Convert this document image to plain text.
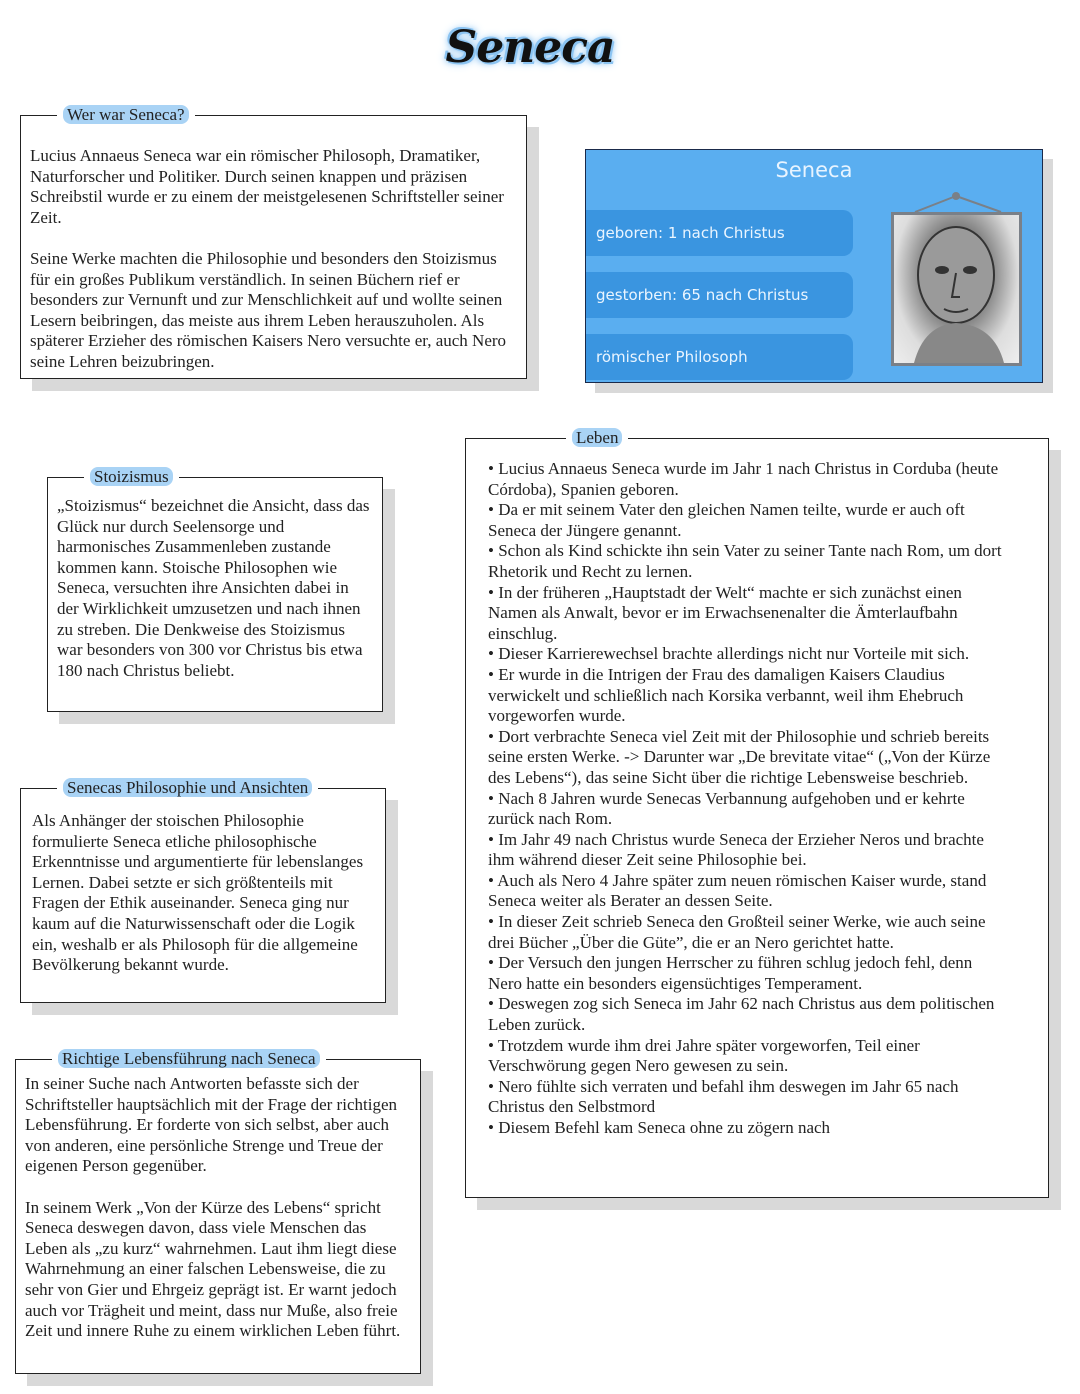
Seneca
Wer war Seneca?

Lucius Annaeus Seneca war ein römischer Philosoph, Dramatiker, Naturforscher und Politiker. Durch seinen knappen und präzisen Schreibstil wurde er zu einem der meistgelesenen Schriftsteller seiner Zeit.

Seine Werke machten die Philosophie und besonders den Stoizismus für ein großes Publikum verständlich. In seinen Büchern rief er besonders zur Vernunft und zur Menschlichkeit auf und wollte seinen Lesern beibringen, das meiste aus ihrem Leben herauszuholen. Als späterer Erzieher des römischen Kaisers Nero versuchte er, auch Nero seine Lehren beizubringen.

Seneca
geboren: 1 nach Christus
gestorben: 65 nach Christus
römischer Philosoph
Stoizismus

„Stoizismus“ bezeichnet die Ansicht, dass das Glück nur durch Seelensorge und harmonisches Zusammenleben zustande kommen kann. Stoische Philosophen wie Seneca, versuchten ihre Ansichten dabei in der Wirklichkeit umzusetzen und nach ihnen zu streben. Die Denkweise des Stoizismus war besonders von 300 vor Christus bis etwa 180 nach Christus beliebt.

Senecas Philosophie und Ansichten

Als Anhänger der stoischen Philosophie formulierte Seneca etliche philosophische Erkenntnisse und argumentierte für lebenslanges Lernen. Dabei setzte er sich größtenteils mit Fragen der Ethik auseinander. Seneca ging nur kaum auf die Naturwissenschaft oder die Logik ein, weshalb er als Philosoph für die allgemeine Bevölkerung bekannt wurde.

Richtige Lebensführung nach Seneca

In seiner Suche nach Antworten befasste sich der Schriftsteller hauptsächlich mit der Frage der richtigen Lebensführung. Er forderte von sich selbst, aber auch von anderen, eine persönliche Strenge und Treue der eigenen Person gegenüber.

In seinem Werk „Von der Kürze des Lebens“ spricht Seneca deswegen davon, dass viele Menschen das Leben als „zu kurz“ wahrnehmen. Laut ihm liegt diese Wahrnehmung an einer falschen Lebensweise, die zu sehr von Gier und Ehrgeiz geprägt ist. Er warnt jedoch auch vor Trägheit und meint, dass nur Muße, also freie Zeit und innere Ruhe zu einem wirklichen Leben führt.

Leben

• Lucius Annaeus Seneca wurde im Jahr 1 nach Christus in Corduba (heute Córdoba), Spanien geboren.

• Da er mit seinem Vater den gleichen Namen teilte, wurde er auch oft Seneca der Jüngere genannt.

• Schon als Kind schickte ihn sein Vater zu seiner Tante nach Rom, um dort Rhetorik und Recht zu lernen.

• In der früheren „Hauptstadt der Welt“ machte er sich zunächst einen Namen als Anwalt, bevor er im Erwachsenenalter die Ämterlaufbahn einschlug.

• Dieser Karrierewechsel brachte allerdings nicht nur Vorteile mit sich.

• Er wurde in die Intrigen der Frau des damaligen Kaisers Claudius verwickelt und schließlich nach Korsika verbannt, weil ihm Ehebruch vorgeworfen wurde.

• Dort verbrachte Seneca viel Zeit mit der Philosophie und schrieb bereits seine ersten Werke. -> Darunter war „De brevitate vitae“ („Von der Kürze des Lebens“), das seine Sicht über die richtige Lebensweise beschrieb.

• Nach 8 Jahren wurde Senecas Verbannung aufgehoben und er kehrte zurück nach Rom.

• Im Jahr 49 nach Christus wurde Seneca der Erzieher Neros und brachte ihm während dieser Zeit seine Philosophie bei.

• Auch als Nero 4 Jahre später zum neuen römischen Kaiser wurde, stand Seneca weiter als Berater an dessen Seite.

• In dieser Zeit schrieb Seneca den Großteil seiner Werke, wie auch seine drei Bücher „Über die Güte”, die er an Nero gerichtet hatte.

• Der Versuch den jungen Herrscher zu führen schlug jedoch fehl, denn Nero hatte ein besonders eigensüchtiges Temperament.

• Deswegen zog sich Seneca im Jahr 62 nach Christus aus dem politischen Leben zurück.

• Trotzdem wurde ihm drei Jahre später vorgeworfen, Teil einer Verschwörung gegen Nero gewesen zu sein.

• Nero fühlte sich verraten und befahl ihm deswegen im Jahr 65 nach Christus den Selbstmord

• Diesem Befehl kam Seneca ohne zu zögern nach
